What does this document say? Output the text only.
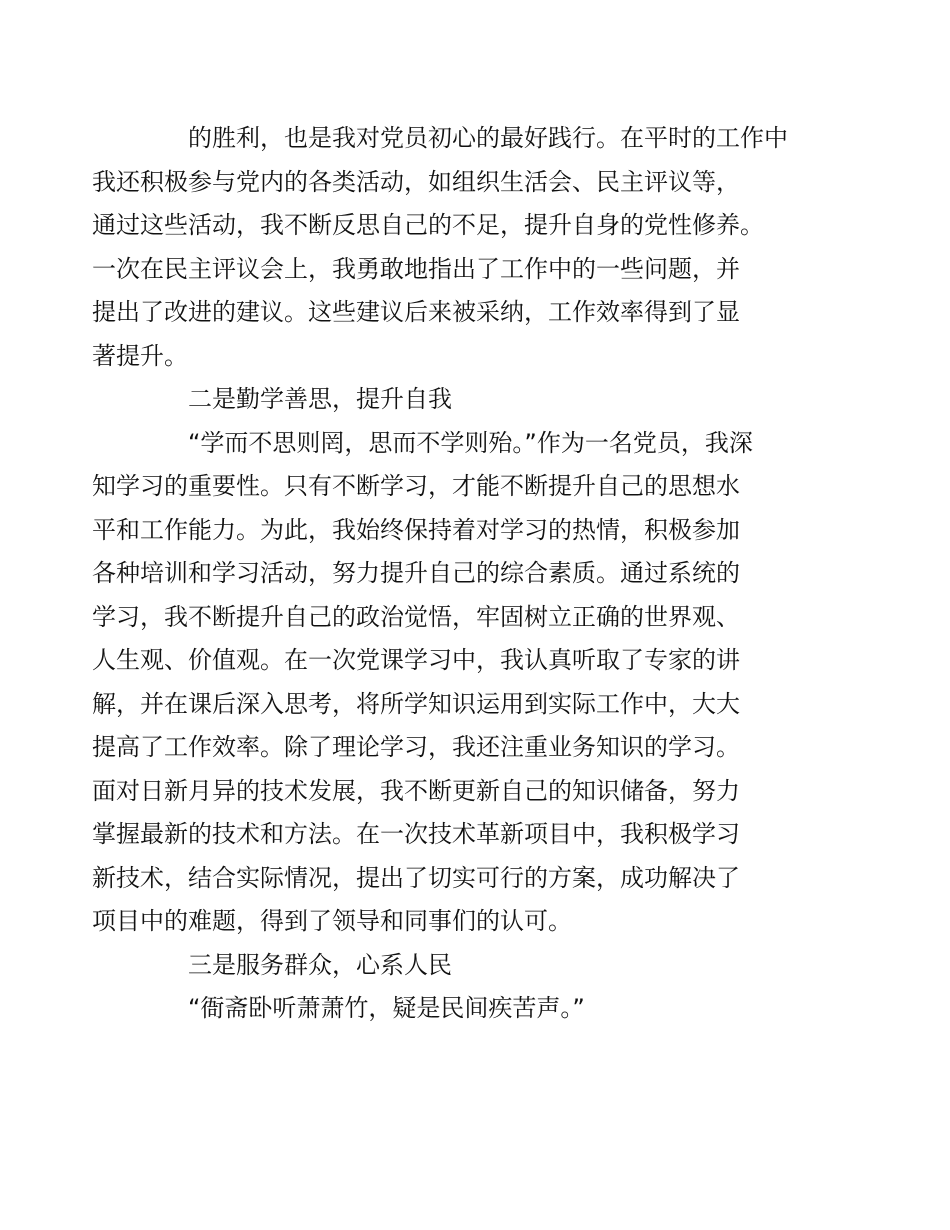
的胜利，也是我对党员初心的最好践行。在平时的工作中
我还积极参与党内的各类活动，如组织生活会、民主评议等，
通过这些活动，我不断反思自己的不足，提升自身的党性修养。
一次在民主评议会上，我勇敢地指出了工作中的一些问题，并
提出了改进的建议。这些建议后来被采纳，工作效率得到了显
著提升。

二是勤学善思，提升自我

“学而不思则罔，思而不学则殆。”作为一名党员，我深
知学习的重要性。只有不断学习，才能不断提升自己的思想水
平和工作能力。为此，我始终保持着对学习的热情，积极参加
各种培训和学习活动，努力提升自己的综合素质。通过系统的
学习，我不断提升自己的政治觉悟，牢固树立正确的世界观、
人生观、价值观。在一次党课学习中，我认真听取了专家的讲
解，并在课后深入思考，将所学知识运用到实际工作中，大大
提高了工作效率。除了理论学习，我还注重业务知识的学习。
面对日新月异的技术发展，我不断更新自己的知识储备，努力
掌握最新的技术和方法。在一次技术革新项目中，我积极学习
新技术，结合实际情况，提出了切实可行的方案，成功解决了
项目中的难题，得到了领导和同事们的认可。

三是服务群众，心系人民

“衙斋卧听萧萧竹，疑是民间疾苦声。”
